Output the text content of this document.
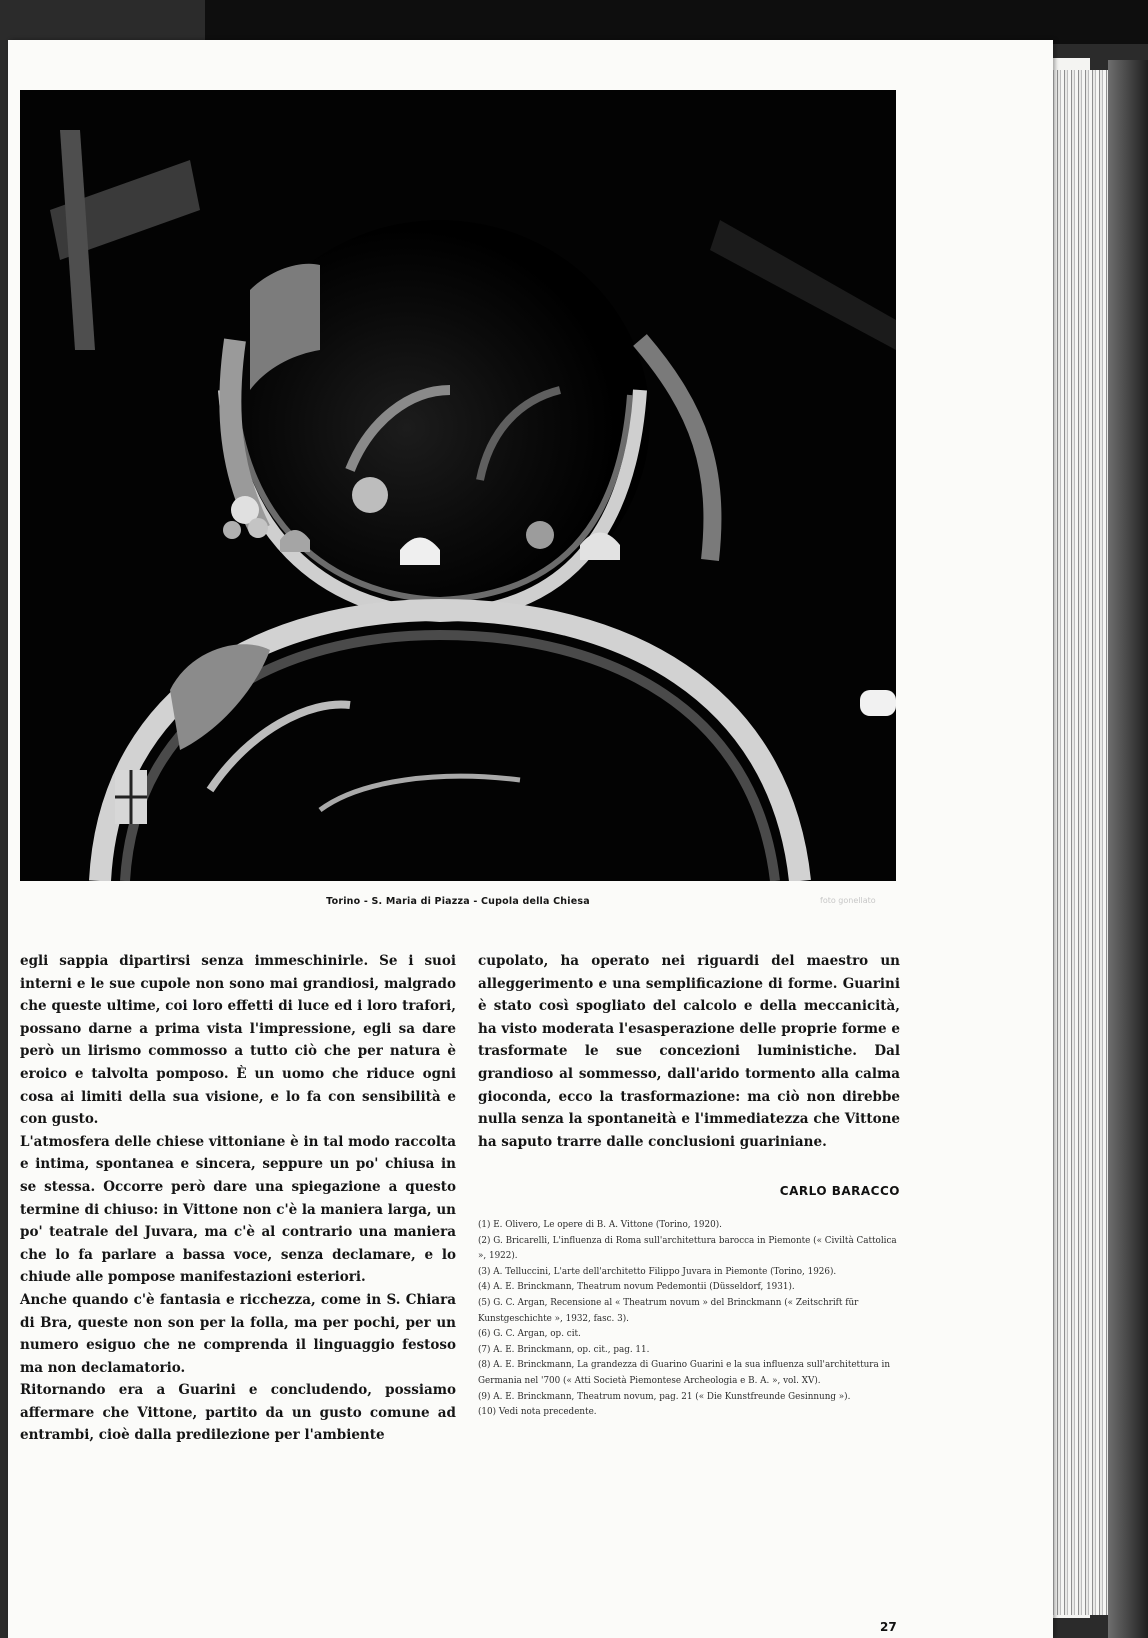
Torino - S. Maria di Piazza - Cupola della Chiesa	foto gonellato

egli sappia dipartirsi senza immeschinirle. Se i suoi interni e le sue cupole non sono mai grandiosi, malgrado che queste ultime, coi loro effetti di luce ed i loro trafori, possano darne a prima vista l'impressione, egli sa dare però un lirismo commosso a tutto ciò che per natura è eroico e talvolta pomposo. È un uomo che riduce ogni cosa ai limiti della sua visione, e lo fa con sensibilità e con gusto.

L'atmosfera delle chiese vittoniane è in tal modo raccolta e intima, spontanea e sincera, seppure un po' chiusa in se stessa. Occorre però dare una spiegazione a questo termine di chiuso: in Vittone non c'è la maniera larga, un po' teatrale del Juvara, ma c'è al contrario una maniera che lo fa parlare a bassa voce, senza declamare, e lo chiude alle pompose manifestazioni esteriori.

Anche quando c'è fantasia e ricchezza, come in S. Chiara di Bra, queste non son per la folla, ma per pochi, per un numero esiguo che ne comprenda il linguaggio festoso ma non declamatorio.

Ritornando era a Guarini e concludendo, possiamo affermare che Vittone, partito da un gusto comune ad entrambi, cioè dalla predilezione per l'ambiente

cupolato, ha operato nei riguardi del maestro un alleggerimento e una semplificazione di forme. Guarini è stato così spogliato del calcolo e della meccanicità, ha visto moderata l'esasperazione delle proprie forme e trasformate le sue concezioni luministiche. Dal grandioso al sommesso, dall'arido tormento alla calma gioconda, ecco la trasformazione: ma ciò non direbbe nulla senza la spontaneità e l'immediatezza che Vittone ha saputo trarre dalle conclusioni guariniane.

CARLO BARACCO
(1) E. Olivero, Le opere di B. A. Vittone (Torino, 1920).
(2) G. Bricarelli, L'influenza di Roma sull'architettura barocca in Piemonte (« Civiltà Cattolica », 1922).
(3) A. Telluccini, L'arte dell'architetto Filippo Juvara in Piemonte (Torino, 1926).
(4) A. E. Brinckmann, Theatrum novum Pedemontii (Düsseldorf, 1931).
(5) G. C. Argan, Recensione al « Theatrum novum » del Brinckmann (« Zeitschrift für Kunstgeschichte », 1932, fasc. 3).
(6) G. C. Argan, op. cit.
(7) A. E. Brinckmann, op. cit., pag. 11.
(8) A. E. Brinckmann, La grandezza di Guarino Guarini e la sua influenza sull'architettura in Germania nel '700 (« Atti Società Piemontese Archeologia e B. A. », vol. XV).
(9) A. E. Brinckmann, Theatrum novum, pag. 21 (« Die Kunstfreunde Gesinnung »).
(10) Vedi nota precedente.
27
